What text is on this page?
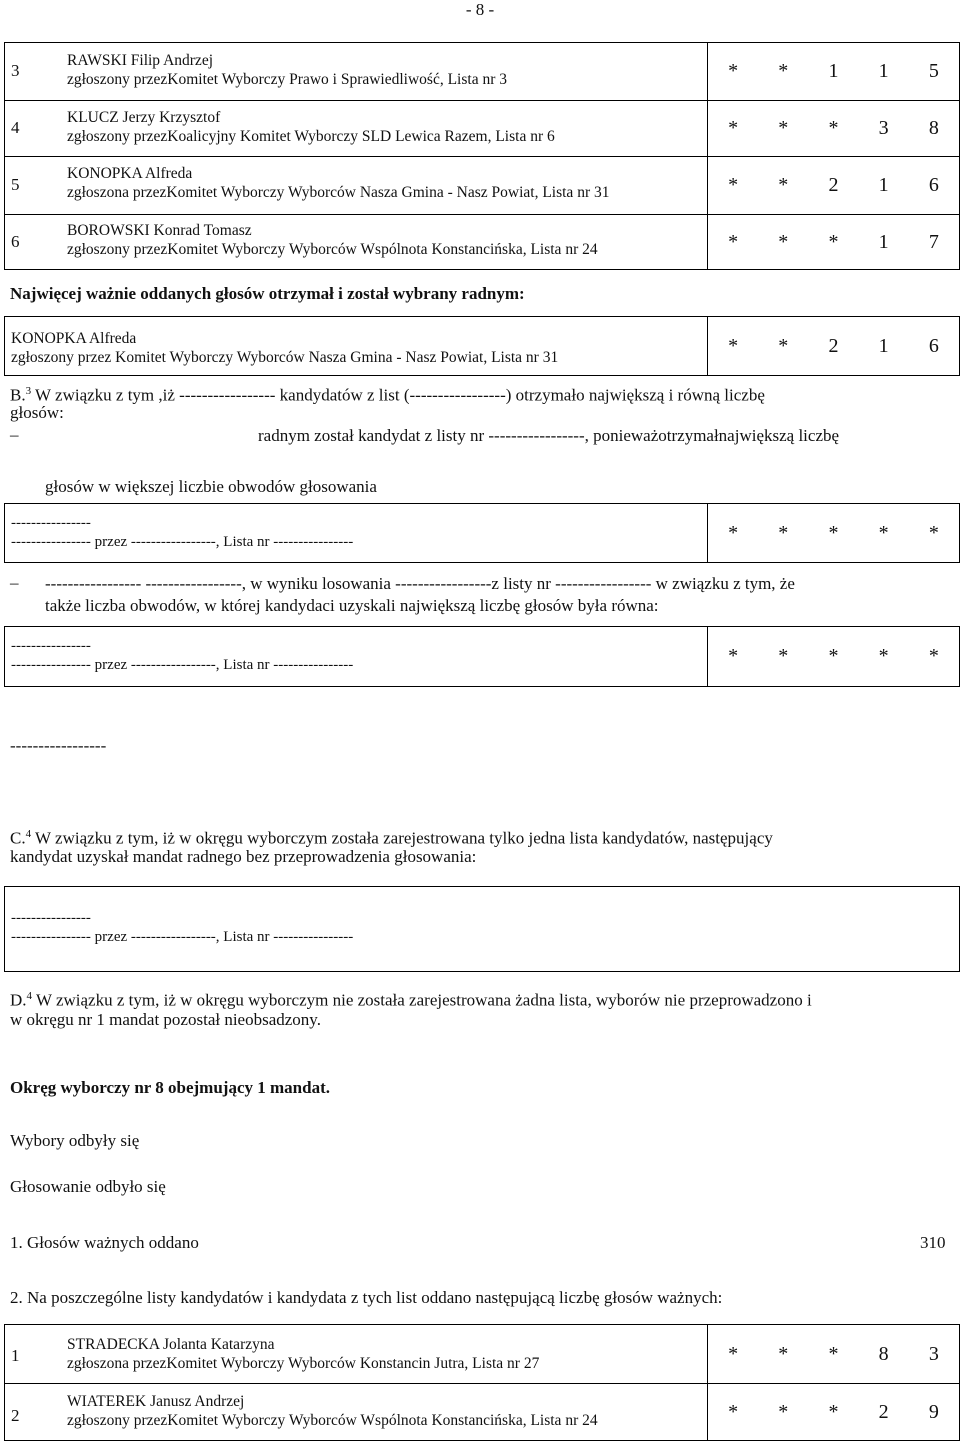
- 8 -
3
RAWSKI Filip Andrzej
zgłoszony przezKomitet Wyborczy Prawo i Sprawiedliwość, Lista nr 3	* * 1 1 5
4
KLUCZ Jerzy Krzysztof
zgłoszony przezKoalicyjny Komitet Wyborczy SLD Lewica Razem, Lista nr 6	* * * 3 8
5
KONOPKA Alfreda
zgłoszona przezKomitet Wyborczy Wyborców Nasza Gmina - Nasz Powiat, Lista nr 31	* * 2 1 6
6
BOROWSKI Konrad Tomasz
zgłoszony przezKomitet Wyborczy Wyborców Wspólnota Konstancińska, Lista nr 24	* * * 1 7
Najwięcej ważnie oddanych głosów otrzymał i został wybrany radnym:
KONOPKA Alfreda
zgłoszony przez Komitet Wyborczy Wyborców Nasza Gmina - Nasz Powiat, Lista nr 31
* * 2 1 6
B.$^3$ W związku z tym ,iż ----------------- kandydatów z list (-----------------) otrzymało największą i równą liczbę
głosów:
–	radnym został kandydat z listy nr -----------------, ponieważotrzymałnajwiększą liczbę
głosów w większej liczbie obwodów głosowania
----------------
---------------- przez -----------------, Lista nr ----------------	* * * * *
– ----------------- -----------------, w wyniku losowania -----------------z listy nr ----------------- w związku z tym, że
także liczba obwodów, w której kandydaci uzyskali największą liczbę głosów była równa:
----------------
---------------- przez -----------------, Lista nr ----------------	* * * * *
-----------------
C.$^4$ W związku z tym, iż w okręgu wyborczym została zarejestrowana tylko jedna lista kandydatów, następujący
kandydat uzyskał mandat radnego bez przeprowadzenia głosowania:
----------------
---------------- przez -----------------, Lista nr ----------------
D.$^4$ W związku z tym, iż w okręgu wyborczym nie została zarejestrowana żadna lista, wyborów nie przeprowadzono i
w okręgu nr 1 mandat pozostał nieobsadzony.
Okręg wyborczy nr 8 obejmujący 1 mandat.
Wybory odbyły się
Głosowanie odbyło się
1. Głosów ważnych oddano	310
2. Na poszczególne listy kandydatów i kandydata z tych list oddano następującą liczbę głosów ważnych:
1
STRADECKA Jolanta Katarzyna
zgłoszona przezKomitet Wyborczy Wyborców Konstancin Jutra, Lista nr 27	* * * 8 3
2
WIATEREK Janusz Andrzej
zgłoszony przezKomitet Wyborczy Wyborców Wspólnota Konstancińska, Lista nr 24	* * * 2 9
